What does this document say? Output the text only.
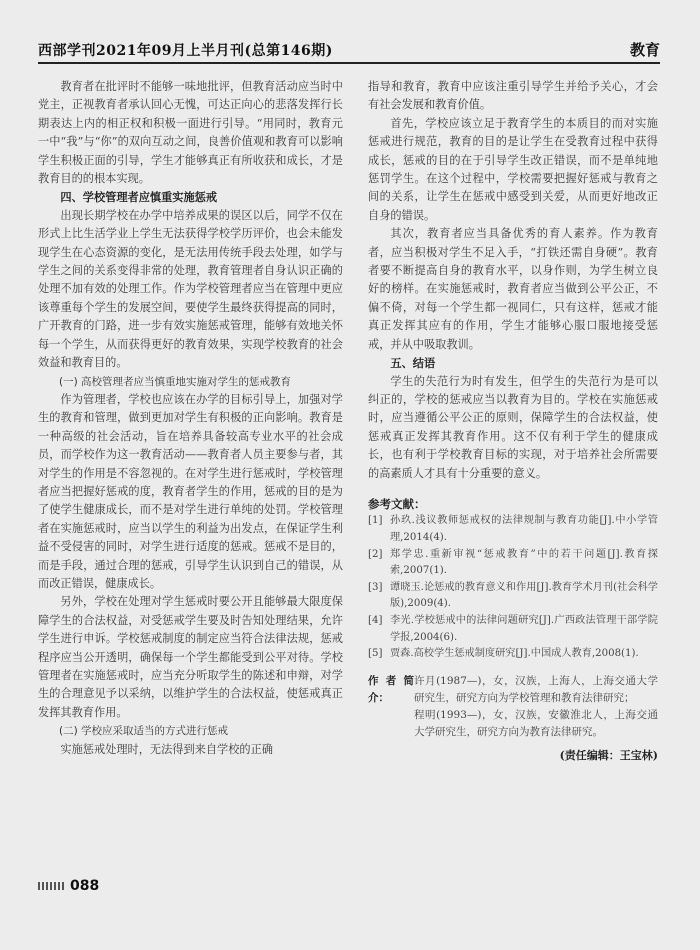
西部学刊2021年09月上半月刊(总第146期)	教育

教育者在批评时不能够一味地批评，但教育活动应当时中党主，正视教育者承认回心无愧，可达正向心的悲落发挥行长期表达上内的相正权和积极一面进行引导。“用同时，教育元一中“我”与“你”的双向互动之间，良善价值观和教育可以影响学生积极正面的引导，学生才能够真正有所收获和成长，才是教育目的的根本实现。

四、学校管理者应慎重实施惩戒

出现长期学校在办学中培养成果的误区以后，同学不仅在形式上比生活学业上学生无法获得学校学历评价，也会未能发现学生在心态资源的变化，是无法用传统手段去处理，如学与学生之间的关系变得非常的处理，教育管理者自身认识正确的处理不加有效的处理工作。作为学校管理者应当在管理中更应该尊重每个学生的发展空间，要使学生最终获得提高的同时，广开教育的门路，进一步有效实施惩戒管理，能够有效地关怀每一个学生，从而获得更好的教育效果，实现学校教育的社会效益和教育目的。

(一) 高校管理者应当慎重地实施对学生的惩戒教育

作为管理者，学校也应该在办学的目标引导上，加强对学生的教育和管理，做到更加对学生有积极的正向影响。教育是一种高级的社会活动，旨在培养具备较高专业水平的社会成员，而学校作为这一教育活动——教育者人员主要参与者，其对学生的作用是不容忽视的。在对学生进行惩戒时，学校管理者应当把握好惩戒的度，教育者学生的作用，惩戒的目的是为了使学生健康成长，而不是对学生进行单纯的处罚。学校管理者在实施惩戒时，应当以学生的利益为出发点，在保证学生利益不受侵害的同时，对学生进行适度的惩戒。惩戒不是目的，而是手段，通过合理的惩戒，引导学生认识到自己的错误，从而改正错误，健康成长。

另外，学校在处理对学生惩戒时要公开且能够最大限度保障学生的合法权益，对受惩戒学生要及时告知处理结果，允许学生进行申诉。学校惩戒制度的制定应当符合法律法规，惩戒程序应当公开透明，确保每一个学生都能受到公平对待。学校管理者在实施惩戒时，应当充分听取学生的陈述和申辩，对学生的合理意见予以采纳，以维护学生的合法权益，使惩戒真正发挥其教育作用。

(二) 学校应采取适当的方式进行惩戒

实施惩戒处理时，无法得到来自学校的正确

指导和教育，教育中应该注重引导学生并给予关心，才会有社会发展和教育价值。

首先，学校应该立足于教育学生的本质目的而对实施惩戒进行规范，教育的目的是让学生在受教育过程中获得成长，惩戒的目的在于引导学生改正错误，而不是单纯地惩罚学生。在这个过程中，学校需要把握好惩戒与教育之间的关系，让学生在惩戒中感受到关爱，从而更好地改正自身的错误。

其次，教育者应当具备优秀的育人素养。作为教育者，应当积极对学生不足入手，“打铁还需自身硬”。教育者要不断提高自身的教育水平，以身作则，为学生树立良好的榜样。在实施惩戒时，教育者应当做到公平公正，不偏不倚，对每一个学生都一视同仁，只有这样，惩戒才能真正发挥其应有的作用，学生才能够心服口服地接受惩戒，并从中吸取教训。

五、结语

学生的失范行为时有发生，但学生的失范行为是可以纠正的，学校的惩戒应当以教育为目的。学校在实施惩戒时，应当遵循公平公正的原则，保障学生的合法权益，使惩戒真正发挥其教育作用。这不仅有利于学生的健康成长，也有利于学校教育目标的实现，对于培养社会所需要的高素质人才具有十分重要的意义。

参考文献：
[1] 孙玖.浅议教师惩戒权的法律规制与教育功能[J].中小学管理,2014(4).
[2] 郑学忠.重新审视“惩戒教育”中的若干问题[J].教育探索,2007(1).
[3] 谭晓玉.论惩戒的教育意义和作用[J].教育学术月刊(社会科学版),2009(4).
[4] 李光.学校惩戒中的法律问题研究[J].广西政法管理干部学院学报,2004(6).
[5] 贾森.高校学生惩戒制度研究[J].中国成人教育,2008(1).
作者简介：
许月(1987—)，女，汉族，上海人，上海交通大学研究生，研究方向为学校管理和教育法律研究；
程明(1993—)，女，汉族，安徽淮北人，上海交通大学研究生，研究方向为教育法律研究。
(责任编辑：王宝林)
088
